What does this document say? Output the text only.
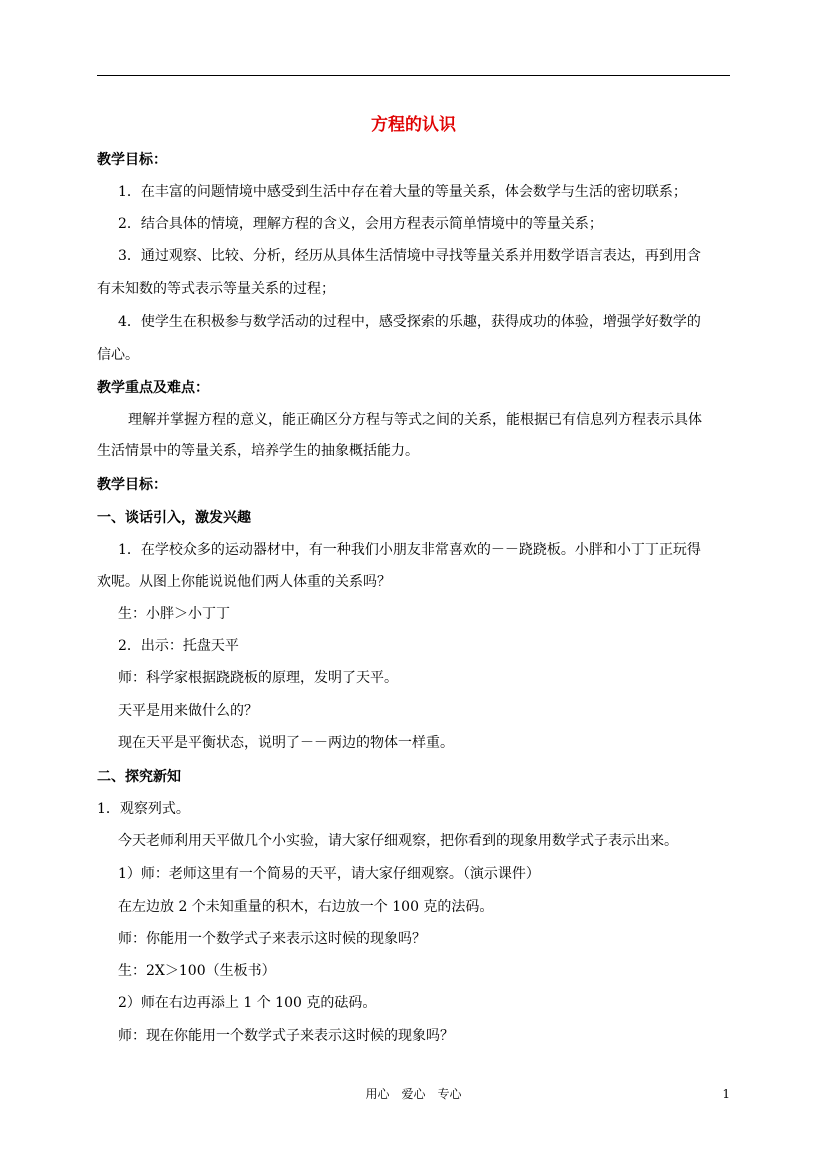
方程的认识
教学目标：
1．在丰富的问题情境中感受到生活中存在着大量的等量关系，体会数学与生活的密切联系；
2．结合具体的情境，理解方程的含义，会用方程表示简单情境中的等量关系；
3．通过观察、比较、分析，经历从具体生活情境中寻找等量关系并用数学语言表达，再到用含
有未知数的等式表示等量关系的过程；
4．使学生在积极参与数学活动的过程中，感受探索的乐趣，获得成功的体验，增强学好数学的
信心。
教学重点及难点：
理解并掌握方程的意义，能正确区分方程与等式之间的关系，能根据已有信息列方程表示具体
生活情景中的等量关系，培养学生的抽象概括能力。
教学目标：
一、谈话引入，激发兴趣
1．在学校众多的运动器材中，有一种我们小朋友非常喜欢的－－跷跷板。小胖和小丁丁正玩得
欢呢。从图上你能说说他们两人体重的关系吗？
生：小胖＞小丁丁
2．出示：托盘天平
师：科学家根据跷跷板的原理，发明了天平。
天平是用来做什么的？
现在天平是平衡状态，说明了－－两边的物体一样重。
二、探究新知
1．观察列式。
今天老师利用天平做几个小实验，请大家仔细观察，把你看到的现象用数学式子表示出来。
1）师：老师这里有一个简易的天平，请大家仔细观察。（演示课件）
在左边放 2 个未知重量的积木，右边放一个 100 克的法码。
师：你能用一个数学式子来表示这时候的现象吗？
生：2X＞100（生板书）
2）师在右边再添上 1 个 100 克的砝码。
师：现在你能用一个数学式子来表示这时候的现象吗？
用心　爱心　专心	1
